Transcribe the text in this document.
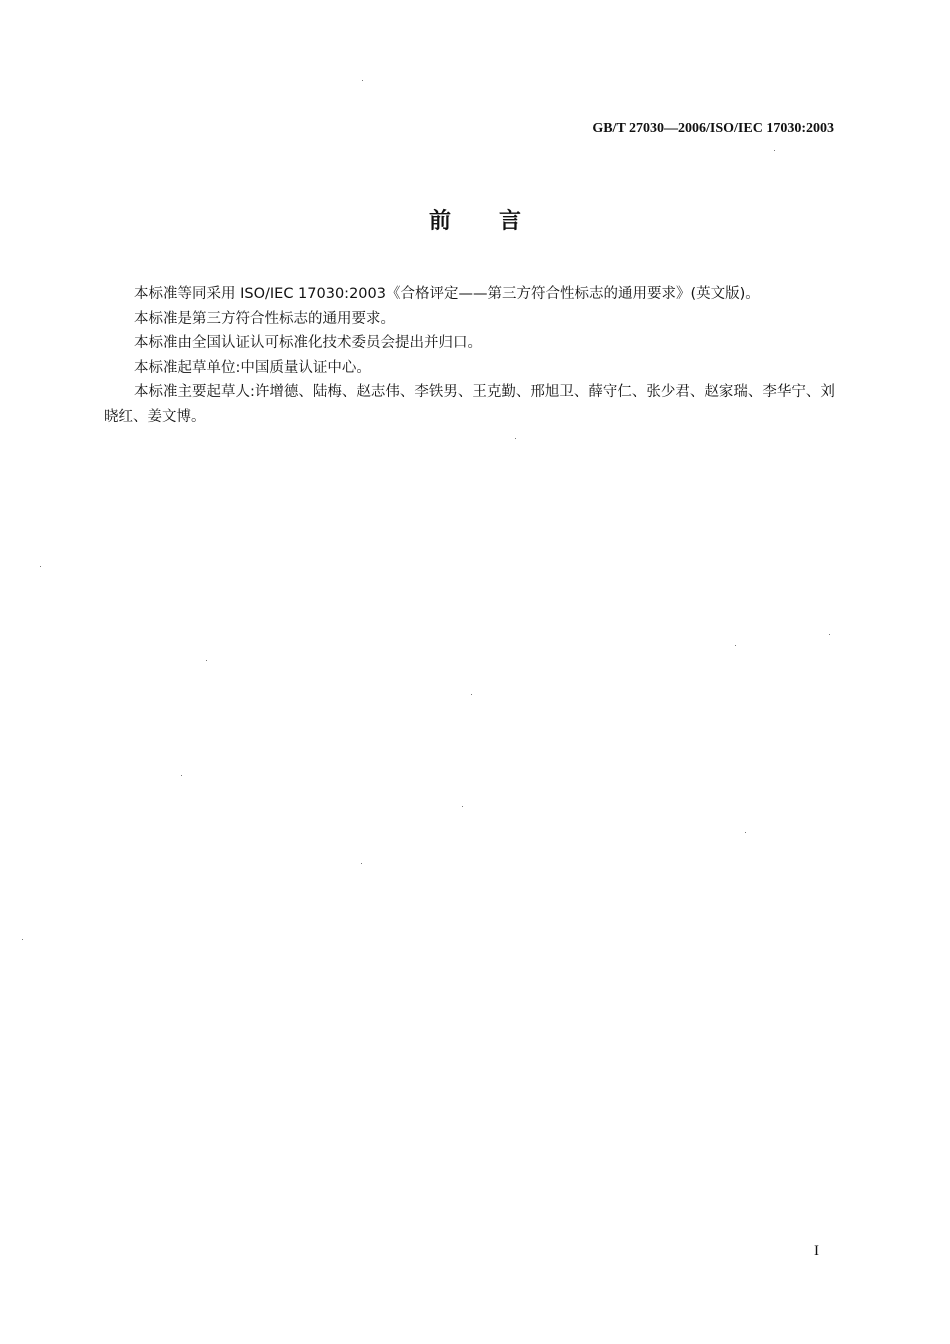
GB/T 27030—2006/ISO/IEC 17030:2003
前言

本标准等同采用 ISO/IEC 17030:2003《合格评定——第三方符合性标志的通用要求》(英文版)。

本标准是第三方符合性标志的通用要求。

本标准由全国认证认可标准化技术委员会提出并归口。

本标准起草单位:中国质量认证中心。

本标准主要起草人:许增德、陆梅、赵志伟、李铁男、王克勤、邢旭卫、薛守仁、张少君、赵家瑞、李华宁、刘晓红、姜文博。

I
